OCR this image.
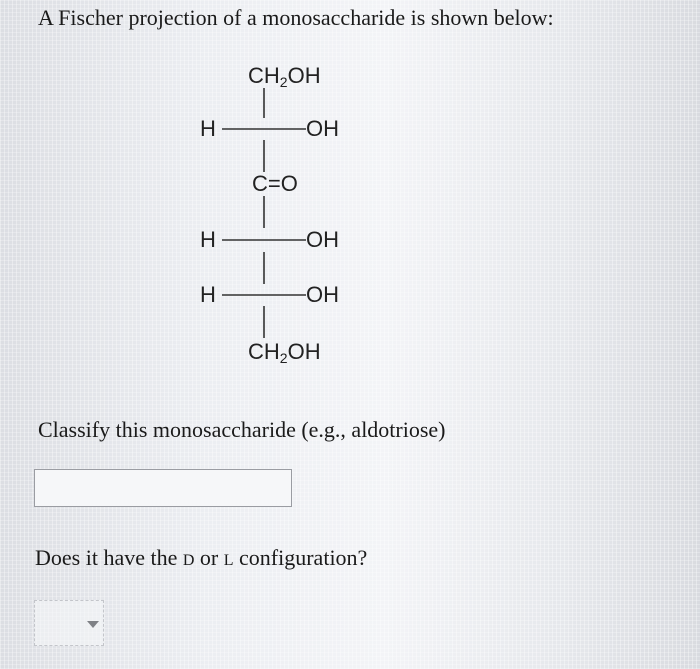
A Fischer projection of a monosaccharide is shown below:
$CH_2OH$
H	OH
C=O
H	OH
H	OH
$CH_2OH$
Classify this monosaccharide (e.g., aldotriose)
Does it have the D or L configuration?
